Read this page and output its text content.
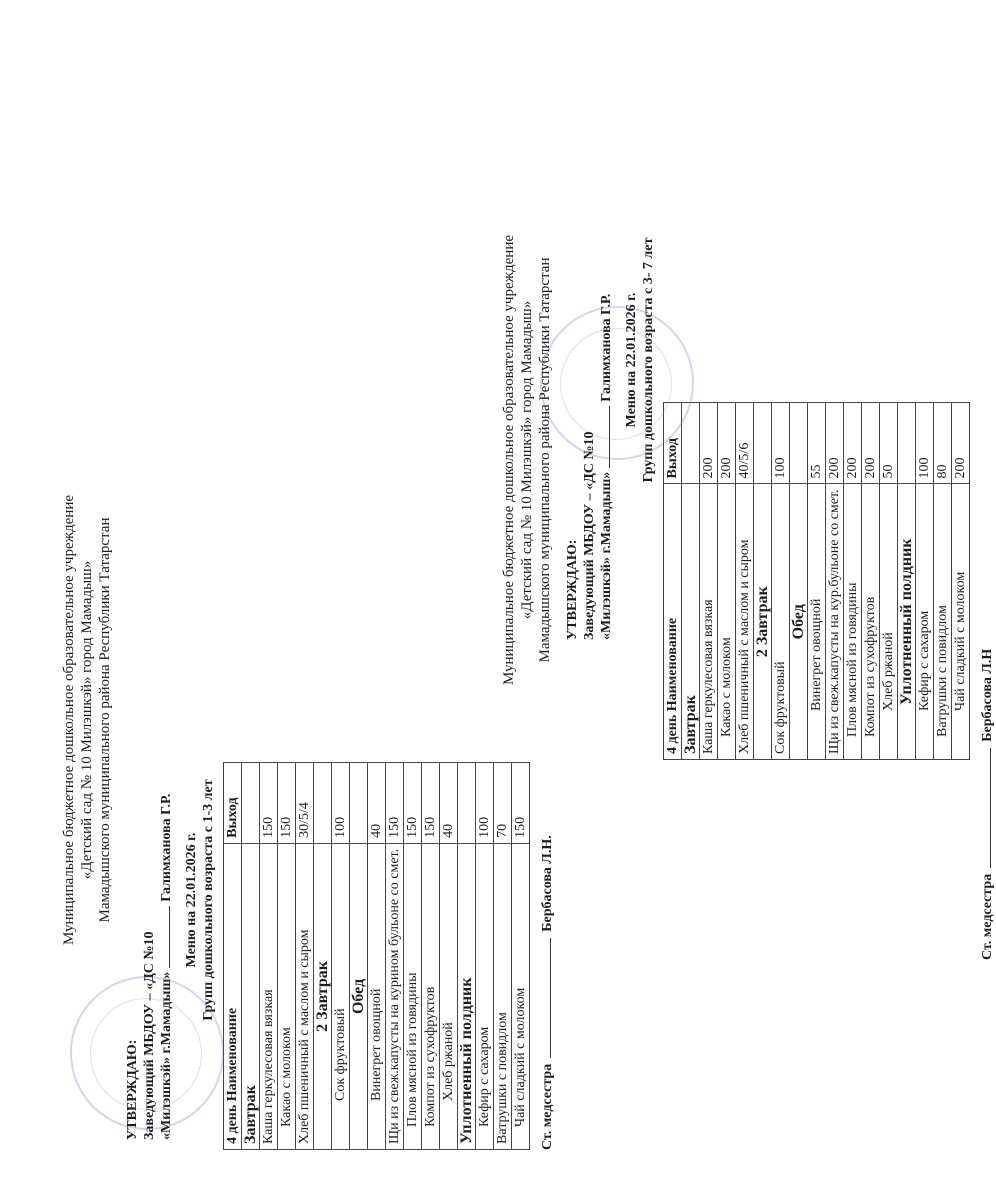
Муниципальное бюджетное дошкольное образовательное учреждение «Детский сад № 10 Милэшкэй» город Мамадыш» Мамадышского муниципального района Республики Татарстан
УТВЕРЖДАЮ: Заведующий МБДОУ – «ДС №10 «Милэшкэй» г.Мамадыш»Галимханова Г.Р. Меню на 22.01.2026 г. Групп дошкольного возраста с 1-3 лет
4 день Наименование	Выход
Завтрак	
Каша геркулесовая вязкая	150
Какао с молоком	150
Хлеб пшеничный с маслом и сыром	30/5/4
2 Завтрак	
Сок фруктовый	100
Обед	
Винегрет овощной	40
Щи из свеж.капусты на курином бульоне со смет.	150
Плов мясной из говядины	150
Компот из сухофруктов	150
Хлеб ржаной	40
Уплотненный полдник	
Кефир с сахаром	100
Ватрушки с повидлом	70
Чай сладкий с молоком	150
Ст. медсестраБербасова Л.Н.
Муниципальное бюджетное дошкольное образовательное учреждение «Детский сад № 10 Милэшкэй» город Мамадыш» Мамадышского муниципального района Республики Татарстан УТВЕРЖДАЮ: Заведующий МБДОУ – «ДС №10 «Милэшкэй» г.Мамадыш»Галимханова Г.Р. Меню на 22.01.2026 г. Групп дошкольного возраста с 3- 7 лет
4 день Наименование	Выход
Завтрак	
Каша геркулесовая вязкая	200
Какао с молоком	200
Хлеб пшеничный с маслом и сыром	40/5/6
2 Завтрак	
Сок фруктовый	100
Обед	
Винегрет овощной	55
Щи из свеж.капусты на кур.бульоне со смет.	200
Плов мясной из говядины	200
Компот из сухофруктов	200
Хлеб ржаной	50
Уплотненный полдник	
Кефир с сахаром	100
Ватрушки с повидлом	80
Чай сладкий с молоком	200
Ст. медсестраБербасова Л.Н
